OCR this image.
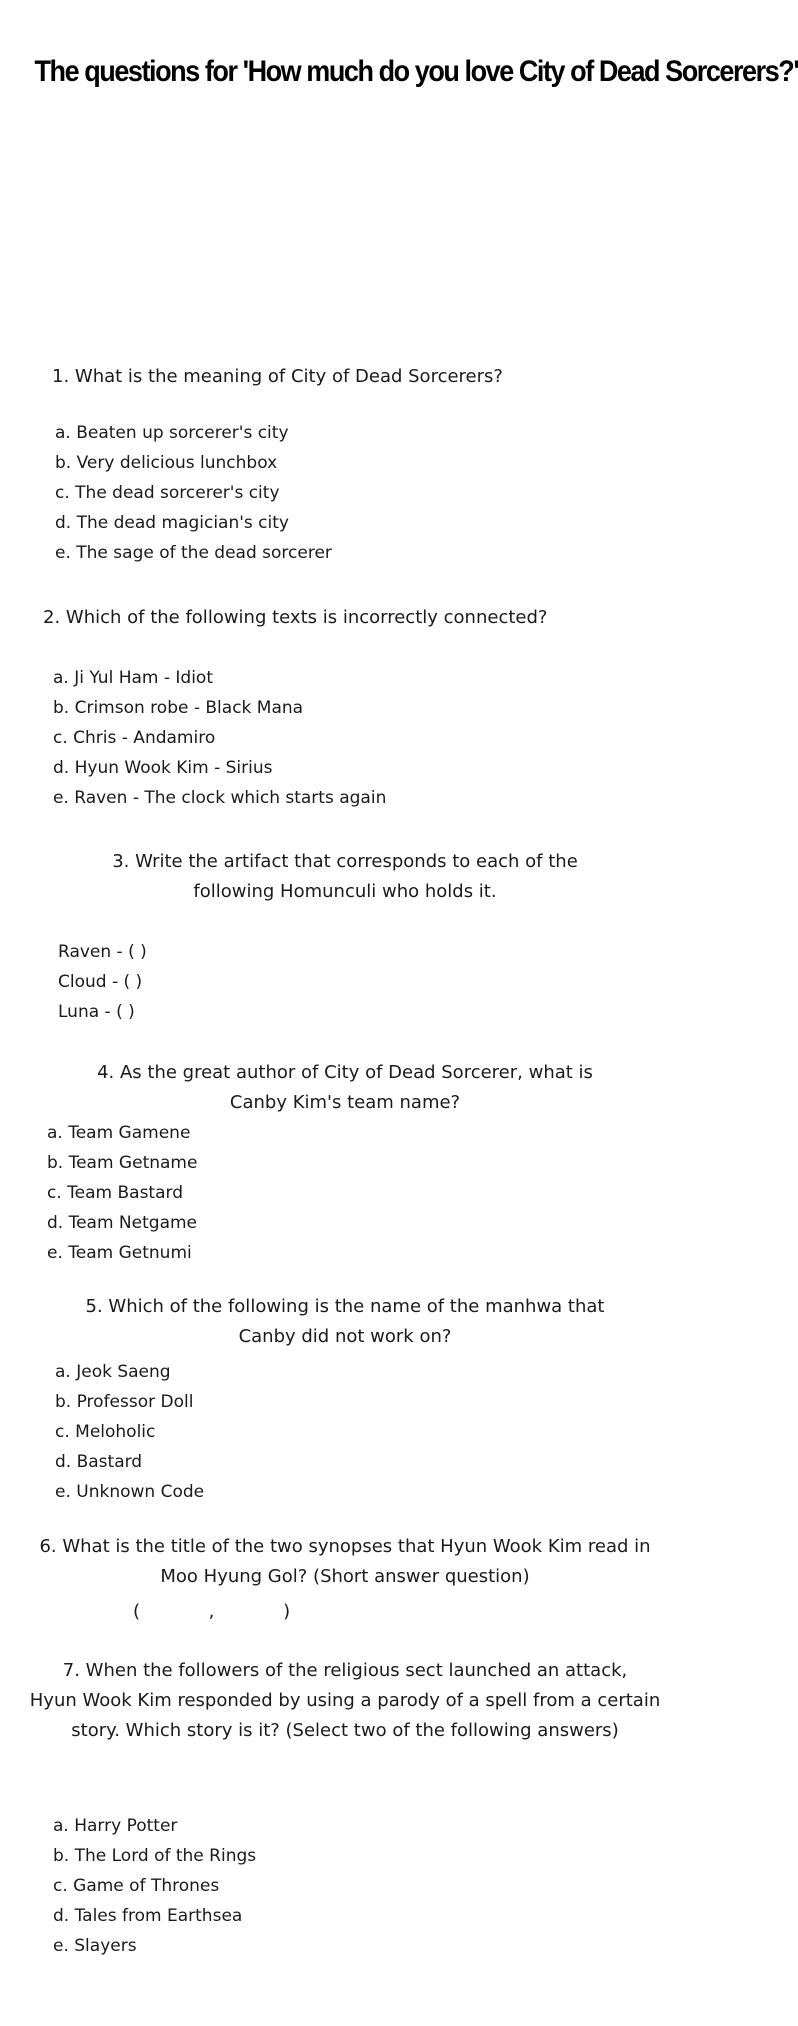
The questions for 'How much do you love City of Dead Sorcerers?'
1. What is the meaning of City of Dead Sorcerers?
a. Beaten up sorcerer's city
b. Very delicious lunchbox
c. The dead sorcerer's city
d. The dead magician's city
e. The sage of the dead sorcerer
2. Which of the following texts is incorrectly connected?
a. Ji Yul Ham - Idiot
b. Crimson robe - Black Mana
c. Chris - Andamiro
d. Hyun Wook Kim - Sirius
e. Raven - The clock which starts again
3. Write the artifact that corresponds to each of the
following Homunculi who holds it.
Raven - ( )
Cloud - ( )
Luna - ( )
4. As the great author of City of Dead Sorcerer, what is
Canby Kim's team name?
a. Team Gamene
b. Team Getname
c. Team Bastard
d. Team Netgame
e. Team Getnumi
5. Which of the following is the name of the manhwa that
Canby did not work on?
a. Jeok Saeng
b. Professor Doll
c. Meloholic
d. Bastard
e. Unknown Code
6. What is the title of the two synopses that Hyun Wook Kim read in
Moo Hyung Gol? (Short answer question)
(            ,            )
7. When the followers of the religious sect launched an attack,
Hyun Wook Kim responded by using a parody of a spell from a certain
story. Which story is it? (Select two of the following answers)
a. Harry Potter
b. The Lord of the Rings
c. Game of Thrones
d. Tales from Earthsea
e. Slayers
